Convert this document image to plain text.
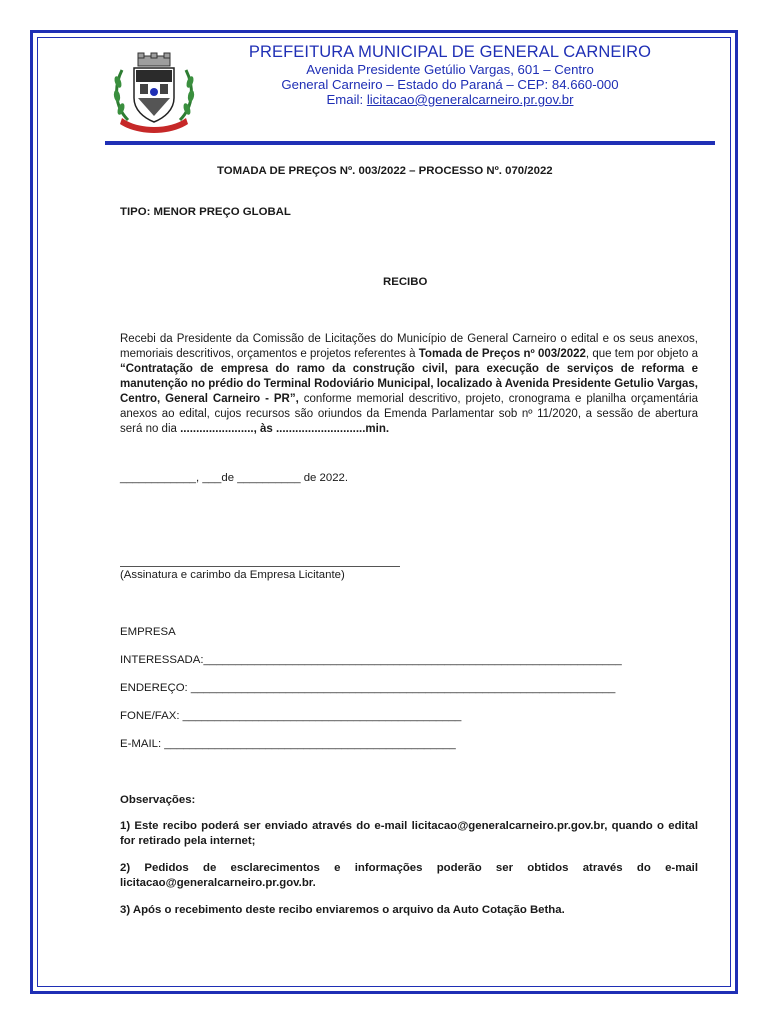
PREFEITURA MUNICIPAL DE GENERAL CARNEIRO
Avenida Presidente Getúlio Vargas, 601 – Centro
General Carneiro – Estado do Paraná – CEP: 84.660-000
Email: licitacao@generalcarneiro.pr.gov.br
TOMADA DE PREÇOS Nº. 003/2022 – PROCESSO Nº. 070/2022
TIPO: MENOR PREÇO GLOBAL
RECIBO
Recebi da Presidente da Comissão de Licitações do Município de General Carneiro o edital e os seus anexos, memoriais descritivos, orçamentos e projetos referentes à Tomada de Preços nº 003/2022, que tem por objeto a “Contratação de empresa do ramo da construção civil, para execução de serviços de reforma e manutenção no prédio do Terminal Rodoviário Municipal, localizado à Avenida Presidente Getulio Vargas, Centro, General Carneiro - PR”, conforme memorial descritivo, projeto, cronograma e planilha orçamentária anexos ao edital, cujos recursos são oriundos da Emenda Parlamentar sob nº 11/2020, a sessão de abertura será no dia ......................., às ............................min.
____________, ___de __________ de 2022.
(Assinatura e carimbo da Empresa Licitante)
EMPRESA
INTERESSADA:__________________________________________________________________
ENDEREÇO: ___________________________________________________________________
FONE/FAX: ____________________________________________
E-MAIL: ______________________________________________
Observações:
1) Este recibo poderá ser enviado através do e-mail licitacao@generalcarneiro.pr.gov.br, quando o edital for retirado pela internet;
2) Pedidos de esclarecimentos e informações poderão ser obtidos através do e-mail licitacao@generalcarneiro.pr.gov.br.
3) Após o recebimento deste recibo enviaremos o arquivo da Auto Cotação Betha.
